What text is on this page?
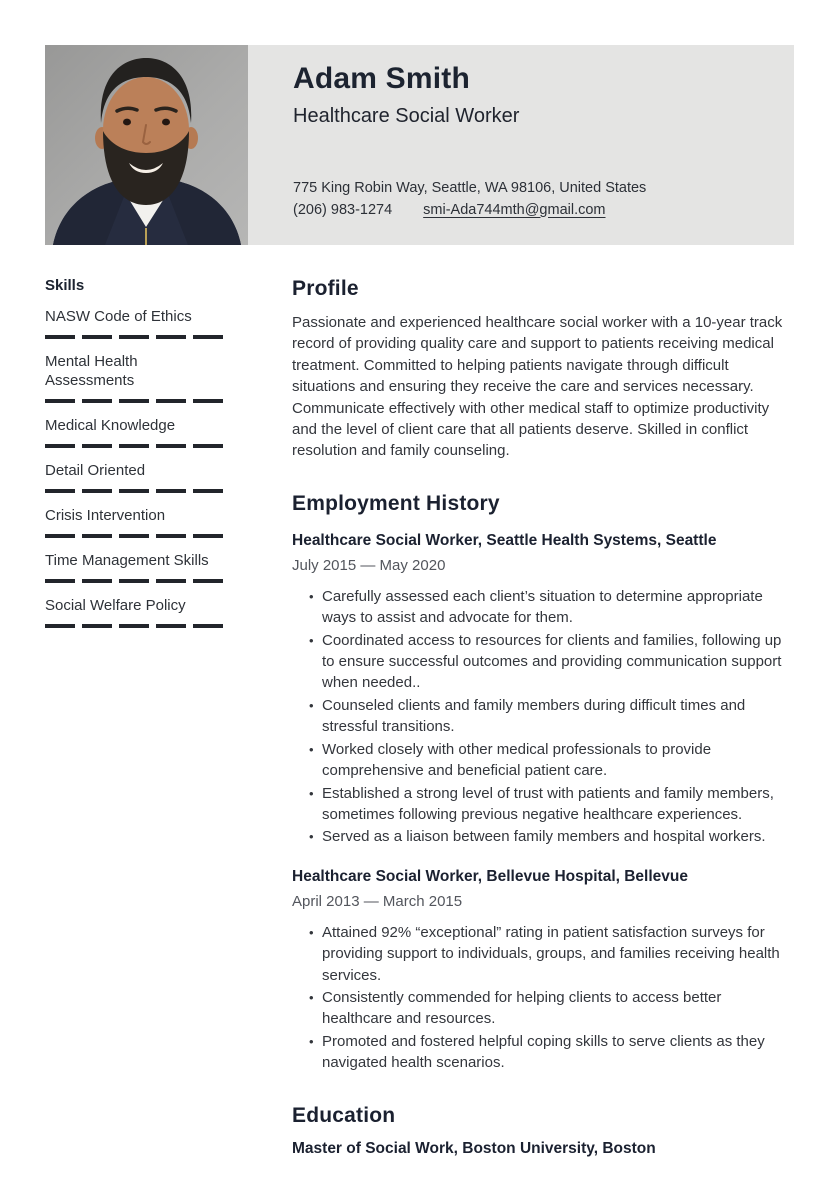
Adam Smith
Healthcare Social Worker
775 King Robin Way, Seattle, WA 98106, United States
(206) 983-1274 smi-Ada744mth@gmail.com
Skills
NASW Code of Ethics
Mental Health Assessments
Medical Knowledge
Detail Oriented
Crisis Intervention
Time Management Skills
Social Welfare Policy
Profile
Passionate and experienced healthcare social worker with a 10-year track record of providing quality care and support to patients receiving medical treatment. Committed to helping patients navigate through difficult situations and ensuring they receive the care and services necessary. Communicate effectively with other medical staff to optimize productivity and the level of client care that all patients deserve. Skilled in conflict resolution and family counseling.
Employment History
Healthcare Social Worker, Seattle Health Systems, Seattle
July 2015 — May 2020
• Carefully assessed each client’s situation to determine appropriate ways to assist and advocate for them.
• Coordinated access to resources for clients and families, following up to ensure successful outcomes and providing communication support when needed..
• Counseled clients and family members during difficult times and stressful transitions.
• Worked closely with other medical professionals to provide comprehensive and beneficial patient care.
• Established a strong level of trust with patients and family members, sometimes following previous negative healthcare experiences.
• Served as a liaison between family members and hospital workers.
Healthcare Social Worker, Bellevue Hospital, Bellevue
April 2013 — March 2015
• Attained 92% “exceptional” rating in patient satisfaction surveys for providing support to individuals, groups, and families receiving health services.
• Consistently commended for helping clients to access better healthcare and resources.
• Promoted and fostered helpful coping skills to serve clients as they navigated health scenarios.
Education
Master of Social Work, Boston University, Boston
